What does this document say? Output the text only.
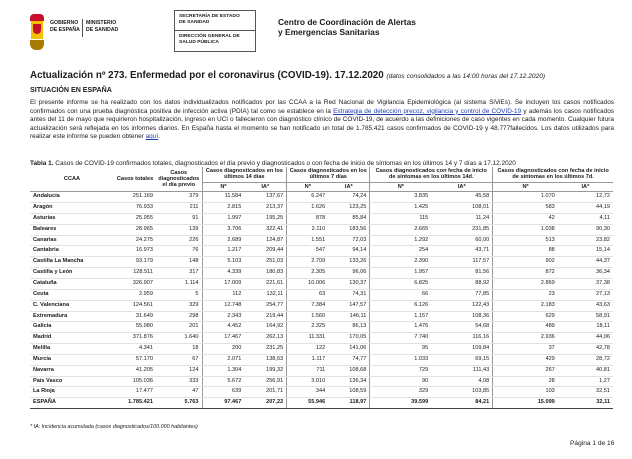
GOBIERNO
DE ESPAÑA
MINISTERIO
DE SANIDAD
SECRETARÍA DE ESTADO
DE SANIDAD
DIRECCIÓN GENERAL DE
SALUD PÚBLICA
Centro de Coordinación de Alertas
y Emergencias Sanitarias
Actualización nº 273. Enfermedad por el coronavirus (COVID-19). 17.12.2020 (datos consolidados a las 14:00 horas del 17.12.2020)
SITUACIÓN EN ESPAÑA
El presente informe se ha realizado con los datos individualizados notificados por las CCAA a la Red Nacional de Vigilancia Epidemiológica (al sistema SiViEs). Se incluyen los casos notificados confirmados con una prueba diagnóstica positiva de infección activa (PDIA) tal como se establece en la Estrategia de detección precoz, vigilancia y control de COVID-19 y además los casos notificados antes del 11 de mayo que requirieron hospitalización, ingreso en UCI o fallecieron con diagnóstico clínico de COVID-19, de acuerdo a las definiciones de caso vigentes en cada momento. Cualquier futura actualización será reflejada en los informes diarios. En España hasta el momento se han notificado un total de 1.785.421 casos confirmados de COVID-19 y 48.777fallecidos. Los datos utilizados para realizar este informe se pueden obtener aquí.
Tabla 1. Casos de COVID-19 confirmados totales, diagnosticados el día previo y diagnosticados o con fecha de inicio de síntomas en los últimos 14 y 7 días a 17.12.2020
CCAA	Casos totales	Casos diagnosticados el día previo	Casos diagnosticados en los últimos 14 días		Casos diagnosticados en los últimos 7 días		Casos diagnosticados con fecha de inicio de síntomas en los últimos 14d.		Casos diagnosticados con fecha de inicio de síntomas en los últimos 7d.	
			Nº	IA*	Nº	IA*	Nº	IA*	Nº	IA*
Andalucía	251.169	379	11.584	137,67	6.247	74,24	3.835	45,58	1.070	12,72
Aragón	76.933	211	2.815	213,37	1.626	123,25	1.425	108,01	583	44,19
Asturias	25.955	91	1.997	195,25	878	85,84	115	11,24	42	4,11
Baleares	28.965	139	3.706	322,41	2.110	183,56	2.665	231,85	1.038	90,30
Canarias	24.275	226	2.689	124,87	1.551	72,03	1.292	60,00	513	23,82
Cantabria	16.973	76	1.217	209,44	547	94,14	254	43,71	88	15,14
Castilla La Mancha	93.179	148	5.103	251,03	2.709	133,26	2.390	117,57	902	44,37
Castilla y León	128.511	317	4.339	180,83	2.305	96,06	1.957	81,56	872	36,34
Cataluña	326.907	1.114	17.009	221,61	10.006	130,37	6.825	88,92	2.869	37,38
Ceuta	2.959	5	112	132,11	63	74,31	66	77,85	23	27,13
C. Valenciana	124.561	329	12.748	254,77	7.384	147,57	6.126	122,43	2.183	43,63
Extremadura	31.649	298	2.343	219,44	1.560	146,11	1.157	108,36	629	58,91
Galicia	55.980	201	4.452	164,92	2.325	86,13	1.476	54,68	489	18,11
Madrid	371.876	1.640	17.467	262,13	11.331	170,05	7.740	116,16	2.936	44,06
Melilla	4.341	18	200	231,25	122	141,06	95	109,84	37	42,78
Murcia	57.170	67	2.071	138,63	1.117	74,77	1.033	69,15	429	28,72
Navarra	41.205	124	1.304	199,32	711	108,68	729	111,43	267	40,81
País Vasco	105.036	333	5.672	256,91	3.010	136,34	90	4,08	28	1,27
La Rioja	17.477	47	639	201,71	344	108,59	329	103,85	103	32,51
ESPAÑA	1.785.421	5.763	97.467	207,22	55.946	118,97	39.599	84,21	15.099	32,11
* IA: Incidencia acumulada (casos diagnosticados/100.000 habitantes)
Página 1 de 16
